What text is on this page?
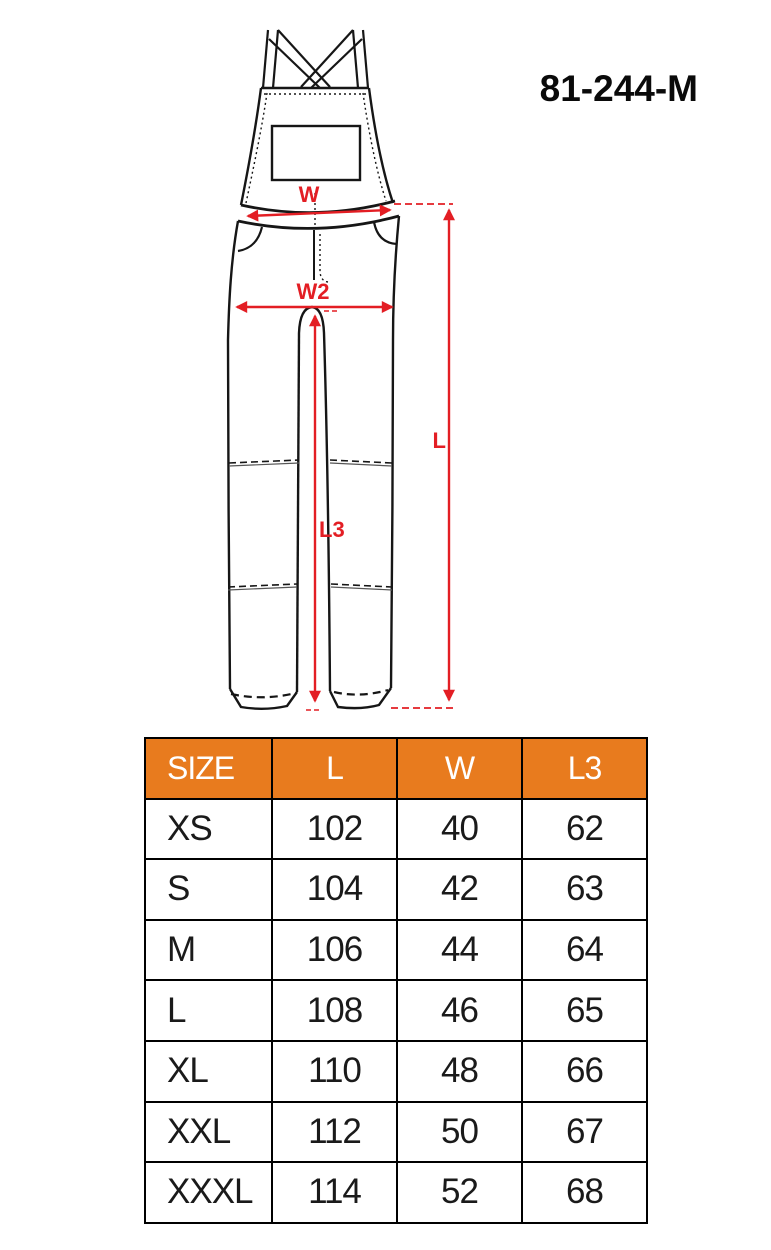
81-244-M
W
W2
L
L3
SIZE	L	W	L3
XS	102	40	62
S	104	42	63
M	106	44	64
L	108	46	65
XL	110	48	66
XXL	112	50	67
XXXL	114	52	68
